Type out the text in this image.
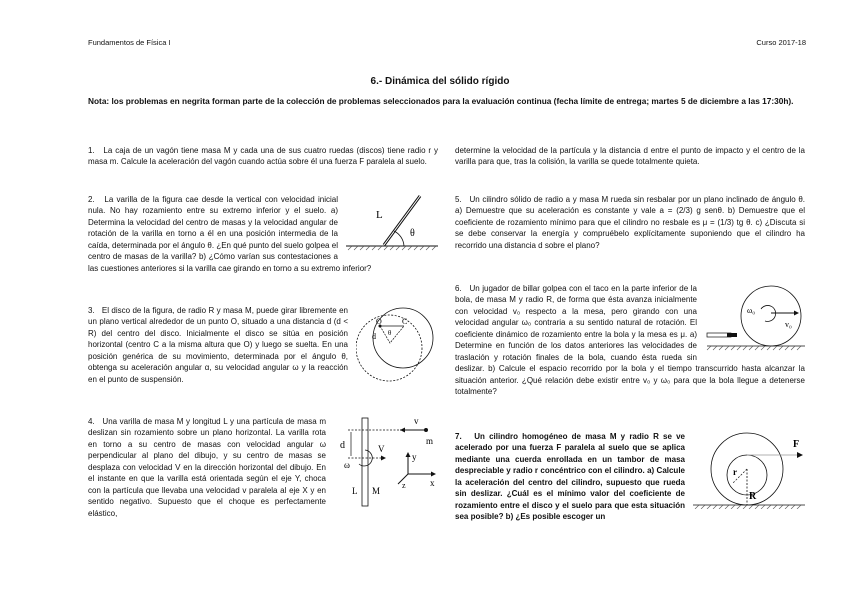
Fundamentos de Física I	Curso 2017-18
6.- Dinámica del sólido rígido
Nota: los problemas en negrita forman parte de la colección de problemas seleccionados para la evaluación continua (fecha límite de entrega; martes 5 de diciembre a las 17:30h).
1. La caja de un vagón tiene masa M y cada una de sus cuatro ruedas (discos) tiene radio r y masa m. Calcule la aceleración del vagón cuando actúa sobre él una fuerza F paralela al suelo.
L
θ
2. La varilla de la figura cae desde la vertical con velocidad inicial nula. No hay rozamiento entre su extremo inferior y el suelo. a) Determina la velocidad del centro de masas y la velocidad angular de rotación de la varilla en torno a él en una posición intermedia de la caída, determinada por el ángulo θ. ¿En qué punto del suelo golpea el centro de masas de la varilla? b) ¿Cómo varían sus contestaciones a las cuestiones anteriores si la varilla cae girando en torno a su extremo inferior?
O	C
d θ
3. El disco de la figura, de radio R y masa M, puede girar libremente en un plano vertical alrededor de un punto O, situado a una distancia d (d < R) del centro del disco. Inicialmente el disco se sitúa en posición horizontal (centro C a la misma altura que O) y luego se suelta. En una posición genérica de su movimiento, determinada por el ángulo θ, obtenga su aceleración angular α, su velocidad angular ω y la reacción en el punto de suspensión.
v
m
d	V
ω
L M
y
x
z
4. Una varilla de masa M y longitud L y una partícula de masa m deslizan sin rozamiento sobre un plano horizontal. La varilla rota en torno a su centro de masas con velocidad angular ω perpendicular al plano del dibujo, y su centro de masas se desplaza con velocidad V en la dirección horizontal del dibujo. En el instante en que la varilla está orientada según el eje Y, choca con la partícula que llevaba una velocidad v paralela al eje X y en sentido negativo. Supuesto que el choque es perfectamente elástico,
determine la velocidad de la partícula y la distancia d entre el punto de impacto y el centro de la varilla para que, tras la colisión, la varilla se quede totalmente quieta.
5. Un cilindro sólido de radio a y masa M rueda sin resbalar por un plano inclinado de ángulo θ. a) Demuestre que su aceleración es constante y vale a = (2/3) g senθ. b) Demuestre que el coeficiente de rozamiento mínimo para que el cilindro no resbale es μ = (1/3) tg θ. c) ¿Discuta si se debe conservar la energía y compruébelo explícitamente suponiendo que el cilindro ha recorrido una distancia d sobre el plano?
ω₀
v₀
6. Un jugador de billar golpea con el taco en la parte inferior de la bola, de masa M y radio R, de forma que ésta avanza inicialmente con velocidad v₀ respecto a la mesa, pero girando con una velocidad angular ω₀ contraria a su sentido natural de rotación. El coeficiente dinámico de rozamiento entre la bola y la mesa es μ. a) Determine en función de los datos anteriores las velocidades de traslación y rotación finales de la bola, cuando ésta rueda sin deslizar. b) Calcule el espacio recorrido por la bola y el tiempo transcurrido hasta alcanzar la situación anterior. ¿Qué relación debe existir entre v₀ y ω₀ para que la bola llegue a detenerse totalmente?
F
r
R
7. Un cilindro homogéneo de masa M y radio R se ve acelerado por una fuerza F paralela al suelo que se aplica mediante una cuerda enrollada en un tambor de masa despreciable y radio r concéntrico con el cilindro. a) Calcule la aceleración del centro del cilindro, supuesto que rueda sin deslizar. ¿Cuál es el mínimo valor del coeficiente de rozamiento entre el disco y el suelo para que esta situación sea posible? b) ¿Es posible escoger un
